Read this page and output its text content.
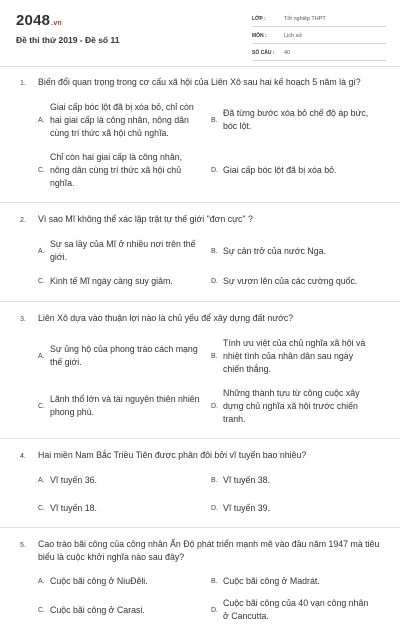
2048.vn
Đề thi thử 2019 - Đề số 11
LỚP :	Tốt nghiệp THPT
MÔN :	Lịch sử
SỐ CÂU :	40
1.	Biến đổi quan trọng trong cơ cấu xã hội của Liên Xô sau hai kế hoạch 5 năm là gì?
A.
Giai cấp bóc lột đã bị xóa bỏ, chỉ còn hai giai cấp là công nhân, nông dân cùng trí thức xã hội chủ nghĩa.
B.
Đã từng bước xóa bỏ chế độ áp bức, bóc lột.
C.
Chỉ còn hai giai cấp là công nhân, nông dân cùng trí thức xã hội chủ nghĩa.
D. Giai cấp bóc lột đã bị xóa bỏ.
2.	Vì sao Mĩ không thể xác lập trật tự thế giới "đơn cực" ?
A.
Sự sa lầy của Mĩ ở nhiều nơi trên thế giới.
B. Sự cản trở của nước Nga.
C. Kinh tế Mĩ ngày càng suy giảm.	D. Sự vươn lên của các cường quốc.
3.	Liên Xô dựa vào thuận lợi nào là chủ yếu để xây dựng đất nước?
A.
Sự ủng hộ của phong trào cách mạng thế giới.
B.
Tính ưu việt của chủ nghĩa xã hội và nhiệt tình của nhân dân sau ngày chiến thắng.
C.
Lãnh thổ lớn và tài nguyên thiên nhiên phong phú.
D.
Những thành tựu từ công cuộc xây dựng chủ nghĩa xã hội trước chiến tranh.
4.	Hai miền Nam Bắc Triều Tiên được phân đôi bởi vĩ tuyến bao nhiêu?
A. Vĩ tuyến 36.	B. Vĩ tuyến 38.
C. Vĩ tuyến 18.	D. Vĩ tuyến 39.
5.	Cao trào bãi công của công nhân Ấn Độ phát triển mạnh mẽ vào đầu năm 1947 mà tiêu biểu là cuộc khởi nghĩa nào sau đây?
A. Cuộc bãi công ở NiuĐêli.	B. Cuộc bãi công ở Madrát.
C. Cuộc bãi công ở Carasi.	D.
Cuộc bãi công của 40 vạn công nhân ở Cancutta.
